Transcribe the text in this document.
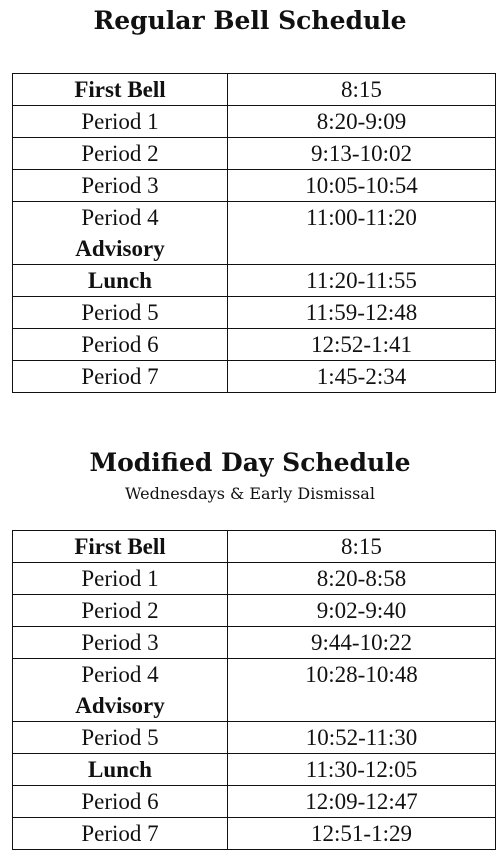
Regular Bell Schedule
First Bell	8:15

Period 1	8:20-9:09

Period 2	9:13-10:02

Period 3	10:05-10:54

Period 4
Advisory	11:00-11:20

Lunch	11:20-11:55

Period 5	11:59-12:48

Period 6	12:52-1:41

Period 7	1:45-2:34
Modified Day Schedule
Wednesdays & Early Dismissal
First Bell	8:15

Period 1	8:20-8:58

Period 2	9:02-9:40

Period 3	9:44-10:22

Period 4
Advisory	10:28-10:48

Period 5	10:52-11:30

Lunch	11:30-12:05

Period 6	12:09-12:47

Period 7	12:51-1:29
